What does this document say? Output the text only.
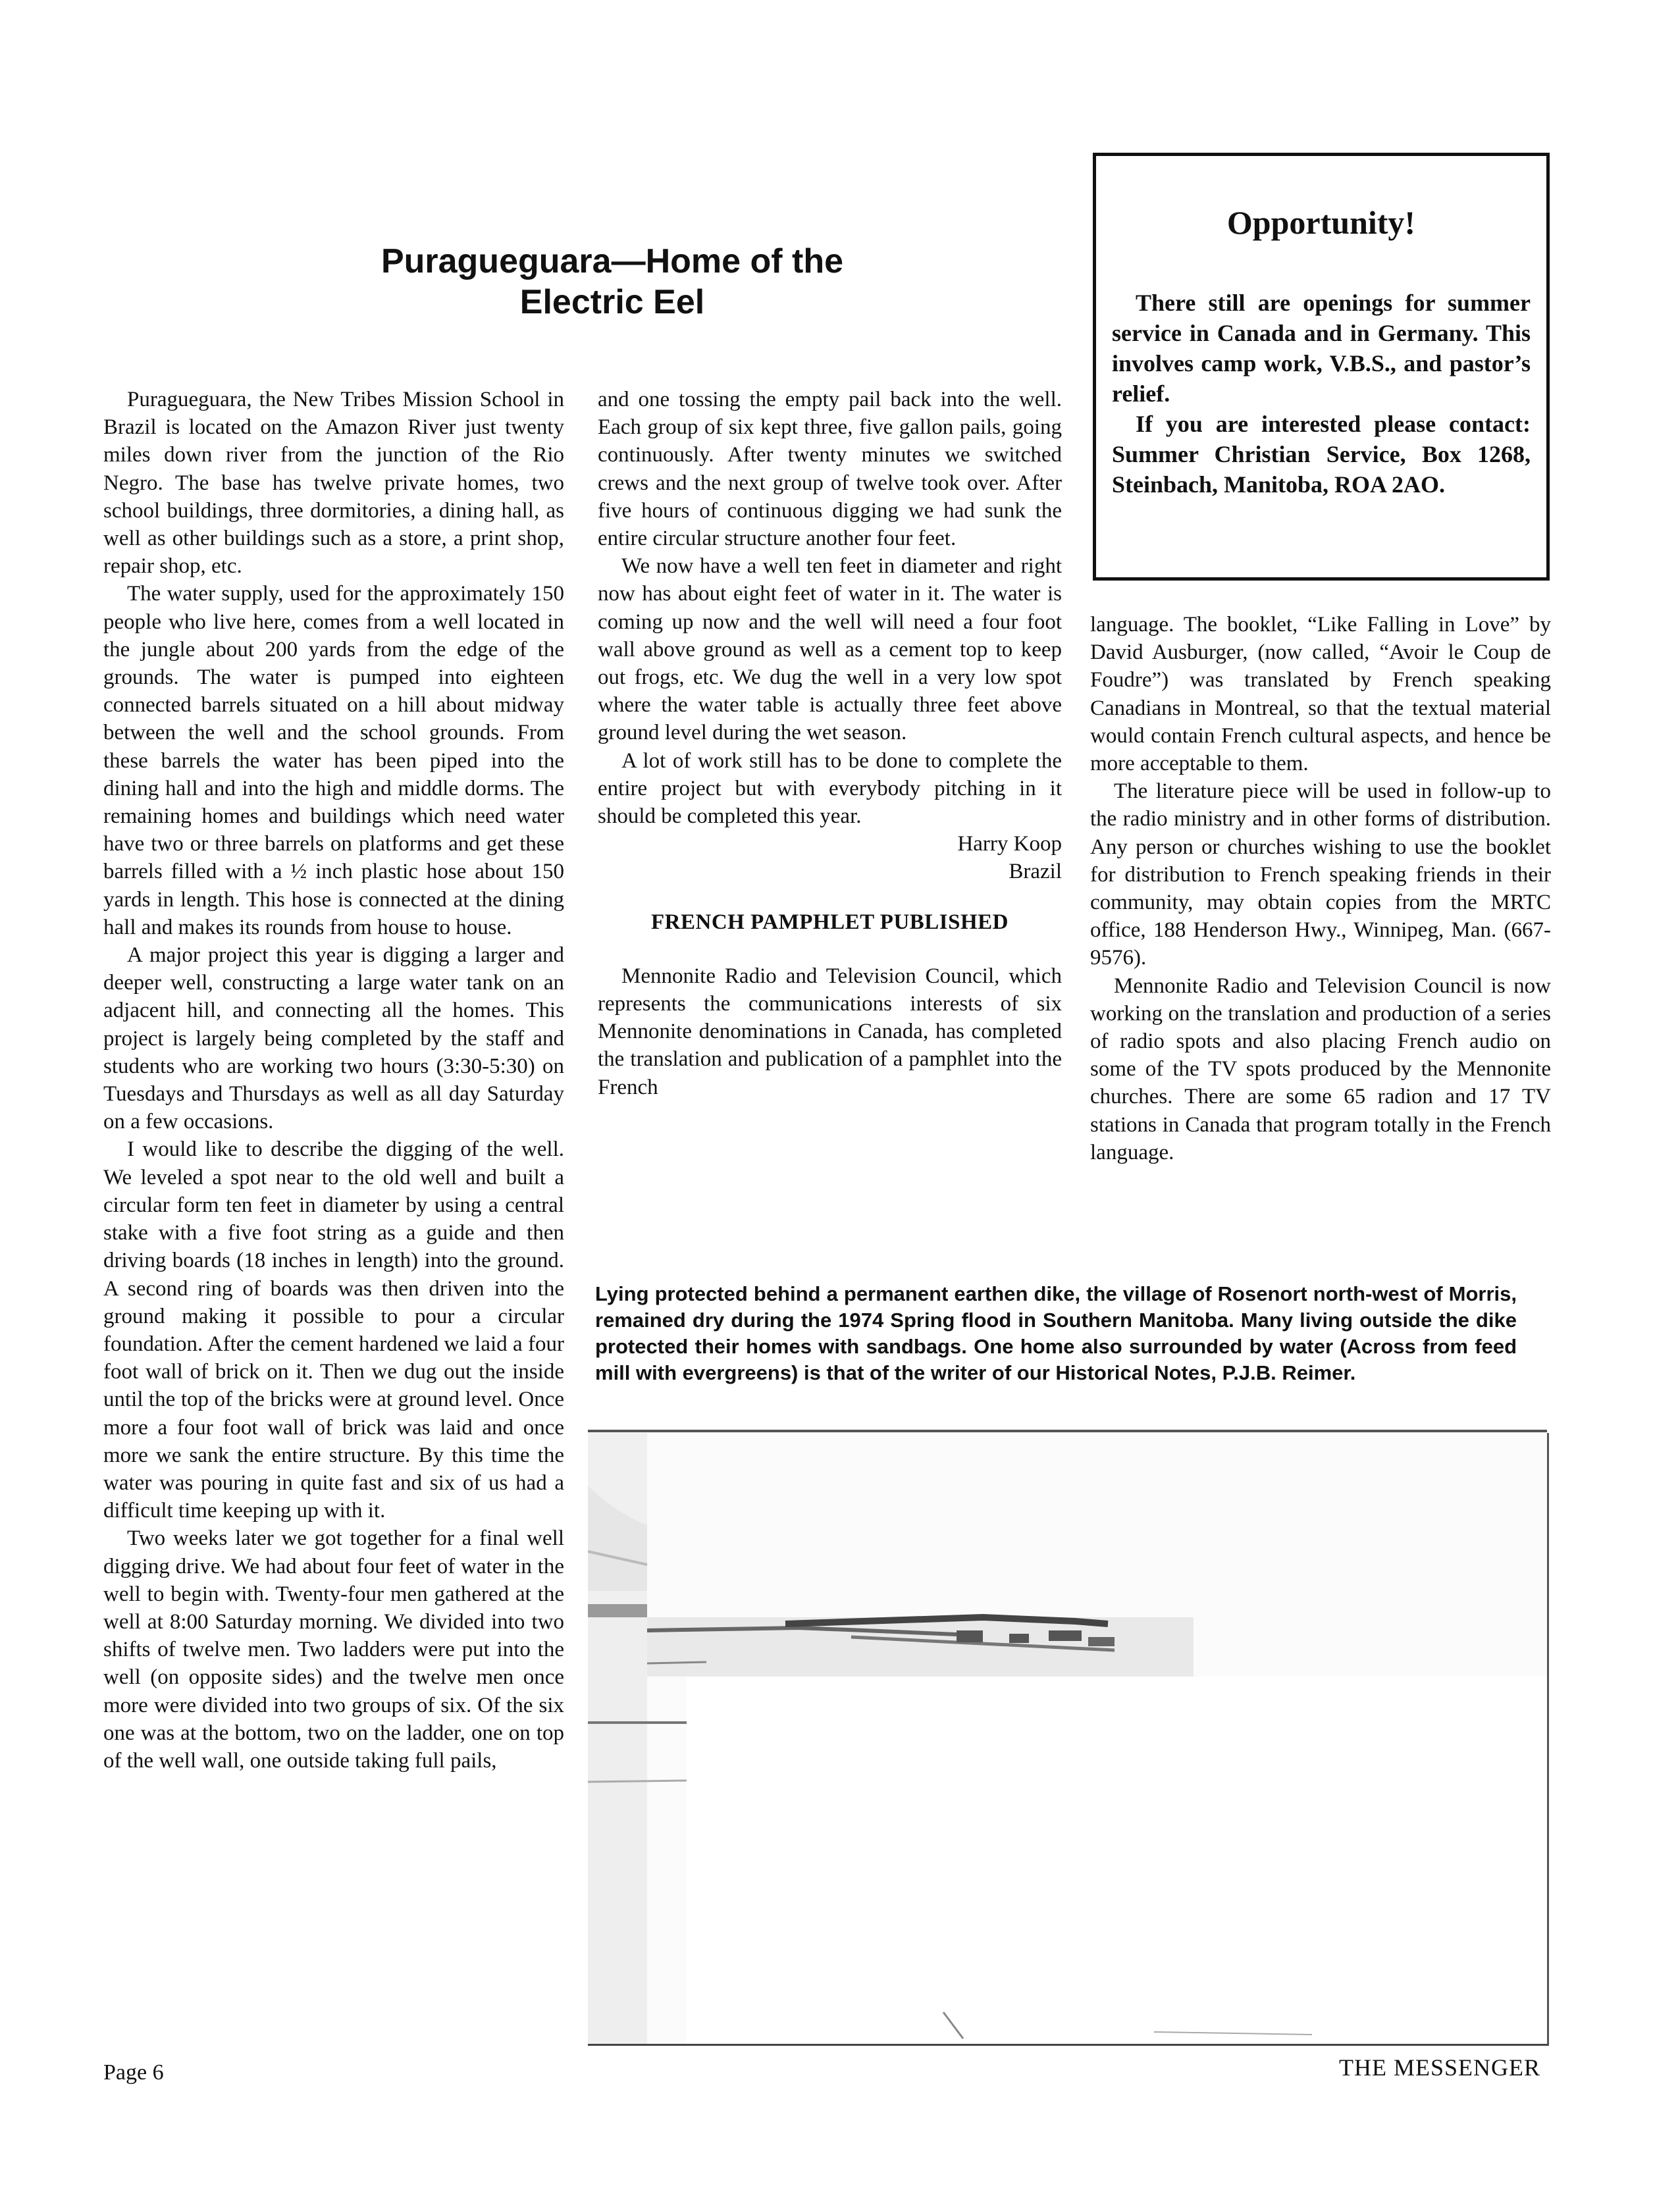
Puragueguara—Home of the
Electric Eel

Puragueguara, the New Tribes Mission School in Brazil is located on the Amazon River just twenty miles down river from the junction of the Rio Negro. The base has twelve private homes, two school buildings, three dormitories, a dining hall, as well as other buildings such as a store, a print shop, repair shop, etc.

The water supply, used for the approximately 150 people who live here, comes from a well located in the jungle about 200 yards from the edge of the grounds. The water is pumped into eighteen connected barrels situated on a hill about midway between the well and the school grounds. From these barrels the water has been piped into the dining hall and into the high and middle dorms. The remaining homes and buildings which need water have two or three barrels on platforms and get these barrels filled with a ½ inch plastic hose about 150 yards in length. This hose is connected at the dining hall and makes its rounds from house to house.

A major project this year is digging a larger and deeper well, constructing a large water tank on an adjacent hill, and connecting all the homes. This project is largely being completed by the staff and students who are working two hours (3:30-5:30) on Tuesdays and Thursdays as well as all day Saturday on a few occasions.

I would like to describe the digging of the well. We leveled a spot near to the old well and built a circular form ten feet in diameter by using a central stake with a five foot string as a guide and then driving boards (18 inches in length) into the ground. A second ring of boards was then driven into the ground making it possible to pour a circular foundation. After the cement hardened we laid a four foot wall of brick on it. Then we dug out the inside until the top of the bricks were at ground level. Once more a four foot wall of brick was laid and once more we sank the entire structure. By this time the water was pouring in quite fast and six of us had a difficult time keeping up with it.

Two weeks later we got together for a final well digging drive. We had about four feet of water in the well to begin with. Twenty-four men gathered at the well at 8:00 Saturday morning. We divided into two shifts of twelve men. Two ladders were put into the well (on opposite sides) and the twelve men once more were divided into two groups of six. Of the six one was at the bottom, two on the ladder, one on top of the well wall, one outside taking full pails,

and one tossing the empty pail back into the well. Each group of six kept three, five gallon pails, going continuously. After twenty minutes we switched crews and the next group of twelve took over. After five hours of continuous digging we had sunk the entire circular structure another four feet.

We now have a well ten feet in diameter and right now has about eight feet of water in it. The water is coming up now and the well will need a four foot wall above ground as well as a cement top to keep out frogs, etc. We dug the well in a very low spot where the water table is actually three feet above ground level during the wet season.

A lot of work still has to be done to complete the entire project but with everybody pitching in it should be completed this year.

Harry Koop

Brazil

FRENCH PAMPHLET PUBLISHED

Mennonite Radio and Television Council, which represents the communications interests of six Mennonite denominations in Canada, has completed the translation and publication of a pamphlet into the French

Opportunity!

There still are openings for summer service in Canada and in Germany. This involves camp work, V.B.S., and pastor’s relief.

If you are interested please contact: Summer Christian Service, Box 1268, Steinbach, Manitoba, ROA 2AO.

language. The booklet, “Like Falling in Love” by David Ausburger, (now called, “Avoir le Coup de Foudre”) was translated by French speaking Canadians in Montreal, so that the textual material would contain French cultural aspects, and hence be more acceptable to them.

The literature piece will be used in follow-up to the radio ministry and in other forms of distribution. Any person or churches wishing to use the booklet for distribution to French speaking friends in their community, may obtain copies from the MRTC office, 188 Henderson Hwy., Winnipeg, Man. (667-9576).

Mennonite Radio and Television Council is now working on the translation and production of a series of radio spots and also placing French audio on some of the TV spots produced by the Mennonite churches. There are some 65 radion and 17 TV stations in Canada that program totally in the French language.

Lying protected behind a permanent earthen dike, the village of Rosenort north-west of Morris, remained dry during the 1974 Spring flood in Southern Manitoba. Many living outside the dike protected their homes with sandbags. One home also surrounded by water (Across from feed mill with evergreens) is that of the writer of our Historical Notes, P.J.B. Reimer.
Page 6	THE MESSENGER
